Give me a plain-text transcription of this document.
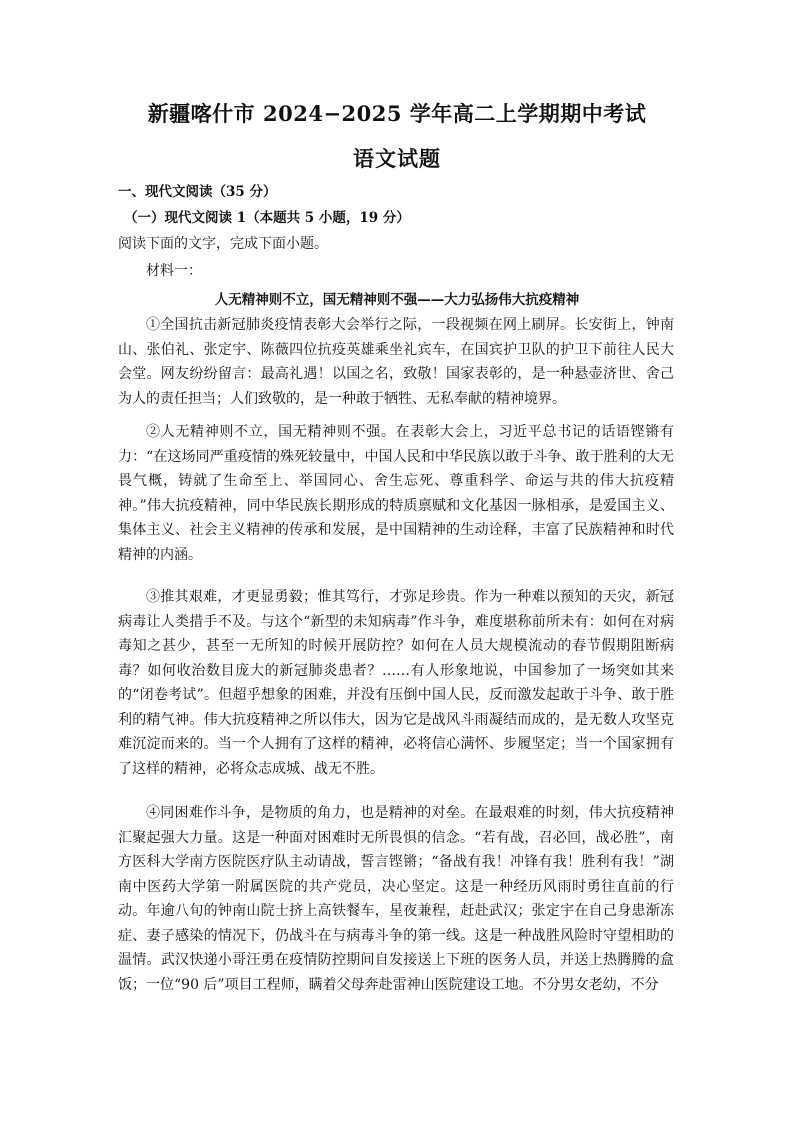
新疆喀什市 2024−2025 学年高二上学期期中考试
语文试题
一、现代文阅读（35 分）
（一）现代文阅读 1（本题共 5 小题，19 分）
阅读下面的文字，完成下面小题。
材料一：
人无精神则不立，国无精神则不强——大力弘扬伟大抗疫精神

①全国抗击新冠肺炎疫情表彰大会举行之际，一段视频在网上刷屏。长安街上，钟南山、张伯礼、张定宇、陈薇四位抗疫英雄乘坐礼宾车，在国宾护卫队的护卫下前往人民大会堂。网友纷纷留言：最高礼遇！以国之名，致敬！国家表彰的，是一种悬壶济世、舍己为人的责任担当；人们致敬的，是一种敢于牺牲、无私奉献的精神境界。

②人无精神则不立，国无精神则不强。在表彰大会上，习近平总书记的话语铿锵有力：“在这场同严重疫情的殊死较量中，中国人民和中华民族以敢于斗争、敢于胜利的大无畏气概，铸就了生命至上、举国同心、舍生忘死、尊重科学、命运与共的伟大抗疫精神。”伟大抗疫精神，同中华民族长期形成的特质禀赋和文化基因一脉相承，是爱国主义、集体主义、社会主义精神的传承和发展，是中国精神的生动诠释，丰富了民族精神和时代精神的内涵。

③推其艰难，才更显勇毅；惟其笃行，才弥足珍贵。作为一种难以预知的天灾，新冠病毒让人类措手不及。与这个“新型的未知病毒”作斗争，难度堪称前所未有：如何在对病毒知之甚少，甚至一无所知的时候开展防控？如何在人员大规模流动的春节假期阻断病毒？如何收治数目庞大的新冠肺炎患者？……有人形象地说，中国参加了一场突如其来的“闭卷考试”。但超乎想象的困难，并没有压倒中国人民，反而激发起敢于斗争、敢于胜利的精气神。伟大抗疫精神之所以伟大，因为它是战风斗雨凝结而成的，是无数人攻坚克难沉淀而来的。当一个人拥有了这样的精神，必将信心满怀、步履坚定；当一个国家拥有了这样的精神，必将众志成城、战无不胜。

④同困难作斗争，是物质的角力，也是精神的对垒。在最艰难的时刻，伟大抗疫精神汇聚起强大力量。这是一种面对困难时无所畏惧的信念。“若有战，召必回，战必胜”，南方医科大学南方医院医疗队主动请战，誓言铿锵；“备战有我！冲锋有我！胜利有我！”湖南中医药大学第一附属医院的共产党员，决心坚定。这是一种经历风雨时勇往直前的行动。年逾八旬的钟南山院士挤上高铁餐车，星夜兼程，赶赴武汉；张定宇在自己身患渐冻症、妻子感染的情况下，仍战斗在与病毒斗争的第一线。这是一种战胜风险时守望相助的温情。武汉快递小哥汪勇在疫情防控期间自发接送上下班的医务人员，并送上热腾腾的盒饭；一位“90 后”项目工程师，瞒着父母奔赴雷神山医院建设工地。不分男女老幼，不分
